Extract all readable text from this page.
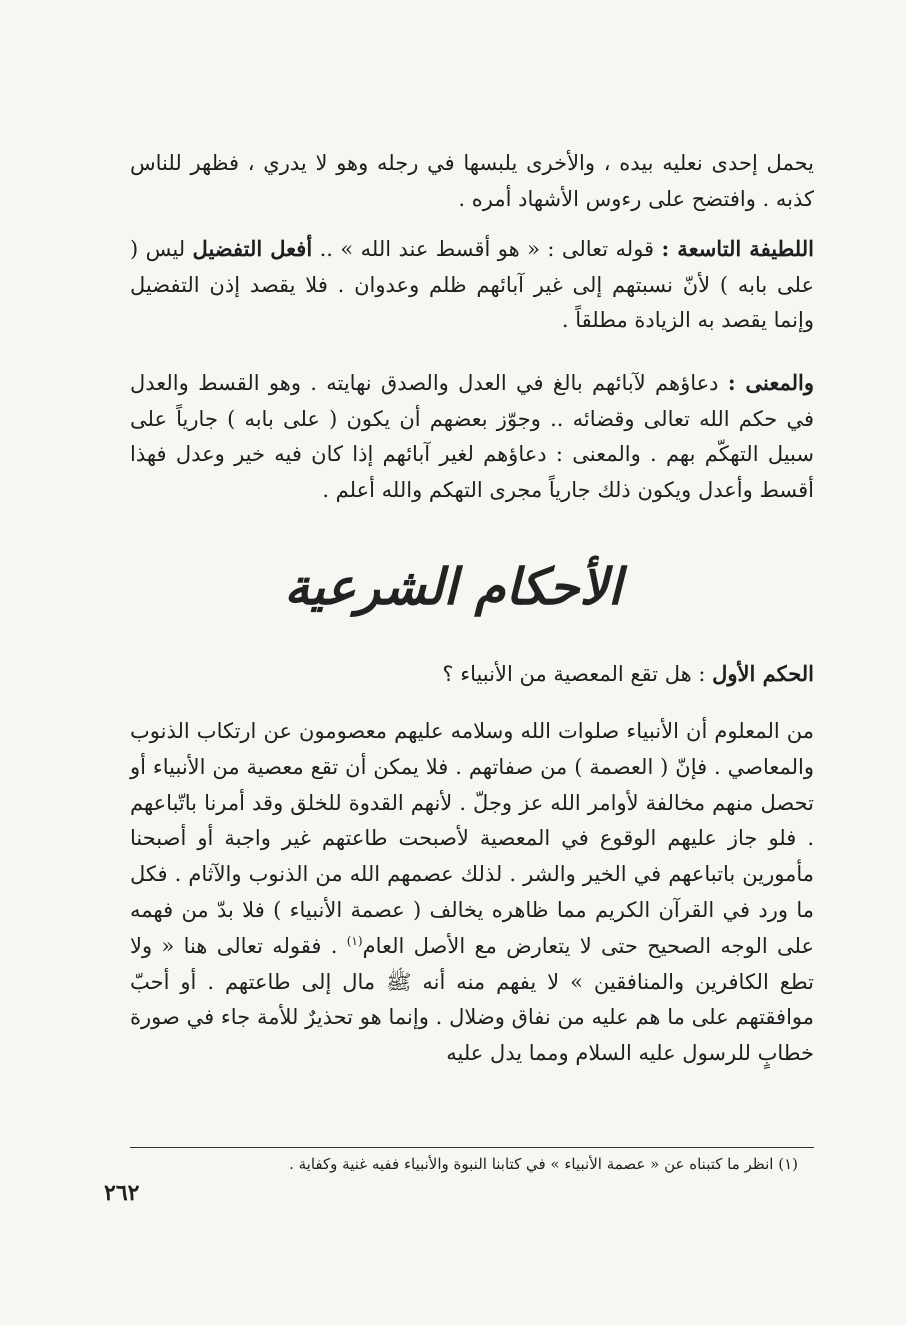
يحمل إحدى نعليه بيده ، والأخرى يلبسها في رجله وهو لا يدري ، فظهر للناس كذبه . وافتضح على رءوس الأشهاد أمره .

اللطيفة التاسعة : قوله تعالى : « هو أقسط عند الله » .. أفعل التفضيل ليس ( على بابه ) لأنّ نسبتهم إلى غير آبائهم ظلم وعدوان . فلا يقصد إذن التفضيل وإنما يقصد به الزيادة مطلقاً .

والمعنى : دعاؤهم لآبائهم بالغ في العدل والصدق نهايته . وهو القسط والعدل في حكم الله تعالى وقضائه .. وجوّز بعضهم أن يكون ( على بابه ) جارياً على سبيل التهكّم بهم . والمعنى : دعاؤهم لغير آبائهم إذا كان فيه خير وعدل فهذا أقسط وأعدل ويكون ذلك جارياً مجرى التهكم والله أعلم .

الأحكام الشرعية

الحكم الأول : هل تقع المعصية من الأنبياء ؟

من المعلوم أن الأنبياء صلوات الله وسلامه عليهم معصومون عن ارتكاب الذنوب والمعاصي . فإنّ ( العصمة ) من صفاتهم . فلا يمكن أن تقع معصية من الأنبياء أو تحصل منهم مخالفة لأوامر الله عز وجلّ . لأنهم القدوة للخلق وقد أمرنا باتّباعهم . فلو جاز عليهم الوقوع في المعصية لأصبحت طاعتهم غير واجبة أو أصبحنا مأمورين باتباعهم في الخير والشر . لذلك عصمهم الله من الذنوب والآثام . فكل ما ورد في القرآن الكريم مما ظاهره يخالف ( عصمة الأنبياء ) فلا بدّ من فهمه على الوجه الصحيح حتى لا يتعارض مع الأصل العام$^{(١)}$ . فقوله تعالى هنا « ولا تطع الكافرين والمنافقين » لا يفهم منه أنه ﷺ مال إلى طاعتهم . أو أحبّ موافقتهم على ما هم عليه من نفاق وضلال . وإنما هو تحذيرٌ للأمة جاء في صورة خطابٍ للرسول عليه السلام ومما يدل عليه

(١) انظر ما كتبناه عن « عصمة الأنبياء » في كتابنا النبوة والأنبياء ففيه غنية وكفاية .
٢٦٢
